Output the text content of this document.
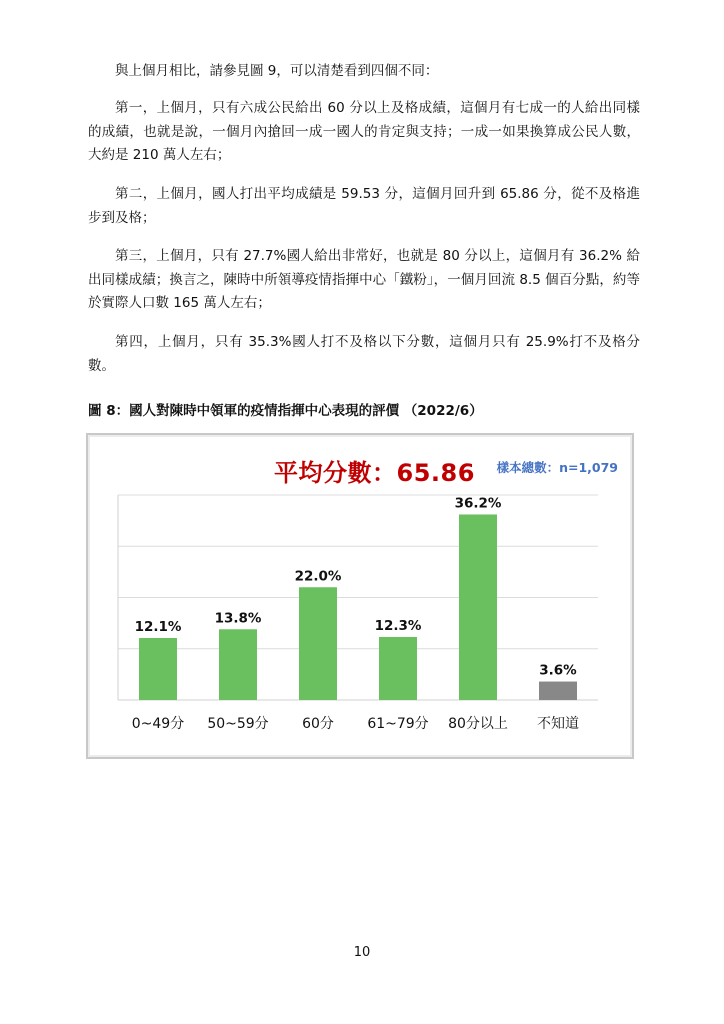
與上個月相比，請參見圖 9，可以清楚看到四個不同：

第一，上個月，只有六成公民給出 60 分以上及格成績，這個月有七成一的人給出同樣的成績，也就是說，一個月內搶回一成一國人的肯定與支持；一成一如果換算成公民人數，大約是 210 萬人左右；

第二，上個月，國人打出平均成績是 59.53 分，這個月回升到 65.86 分，從不及格進步到及格；

第三，上個月，只有 27.7%國人給出非常好，也就是 80 分以上，這個月有 36.2% 給出同樣成績；換言之，陳時中所領導疫情指揮中心「鐵粉」，一個月回流 8.5 個百分點，約等於實際人口數 165 萬人左右；

第四，上個月，只有 35.3%國人打不及格以下分數，這個月只有 25.9%打不及格分數。

圖 8：國人對陳時中領軍的疫情指揮中心表現的評價 （2022/6）

平均分數：65.86 樣本總數：n=1,079
12.1%
0~49分
13.8%
50~59分
22.0%
60分
12.3%
61~79分
36.2%
80分以上
3.6%
不知道
10
